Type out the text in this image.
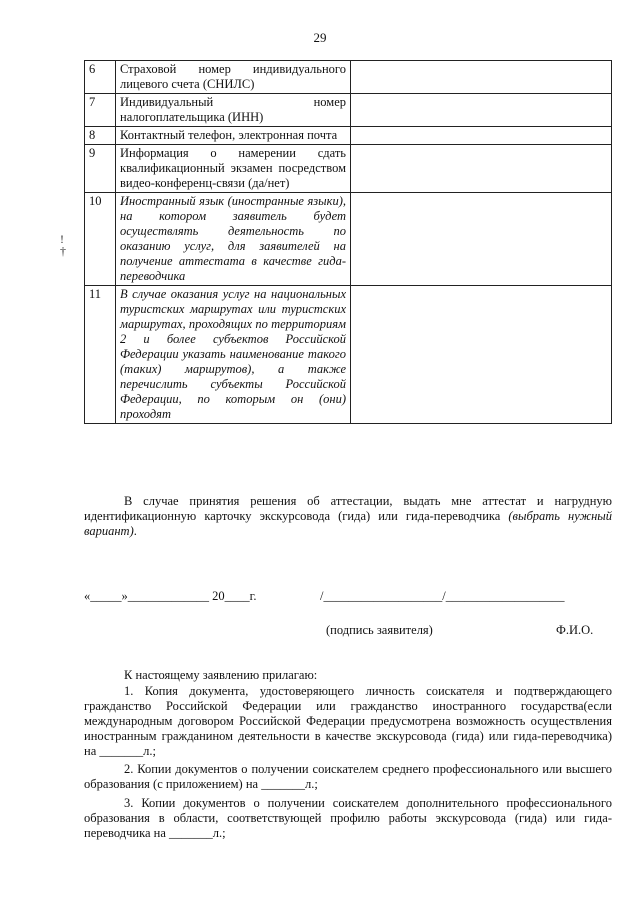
29
!
†
6	Страховой номер индивидуального лицевого счета (СНИЛС)	
7	Индивидуальный номер налогоплательщика (ИНН)	
8	Контактный телефон, электронная почта	
9	Информация о намерении сдать квалификационный экзамен посредством видео-конференц-связи (да/нет)	
10	Иностранный язык (иностранные языки), на котором заявитель будет осуществлять деятельность по оказанию услуг, для заявителей на получение аттестата в качестве гида-переводчика	
11	В случае оказания услуг на национальных туристских маршрутах или туристских маршрутах, проходящих по территориям 2 и более субъектов Российской Федерации указать наименование такого (таких) маршрутов), а также перечислить субъекты Российской Федерации, по которым он (они) проходят	
В случае принятия решения об аттестации, выдать мне аттестат и нагрудную идентификационную карточку экскурсовода (гида) или гида-переводчика (выбрать нужный вариант).
«_____»_____________ 20____г.	/___________________/___________________
(подпись заявителя)	Ф.И.О.
К настоящему заявлению прилагаю:
1. Копия документа, удостоверяющего личность соискателя и подтверждающего гражданство Российской Федерации или гражданство иностранного государства(если международным договором Российской Федерации предусмотрена возможность осуществления иностранным гражданином деятельности в качестве экскурсовода (гида) или гида-переводчика) на _______л.;
2. Копии документов о получении соискателем среднего профессионального или высшего образования (с приложением) на _______л.;
3. Копии документов о получении соискателем дополнительного профессионального образования в области, соответствующей профилю работы экскурсовода (гида) или гида-переводчика на _______л.;
